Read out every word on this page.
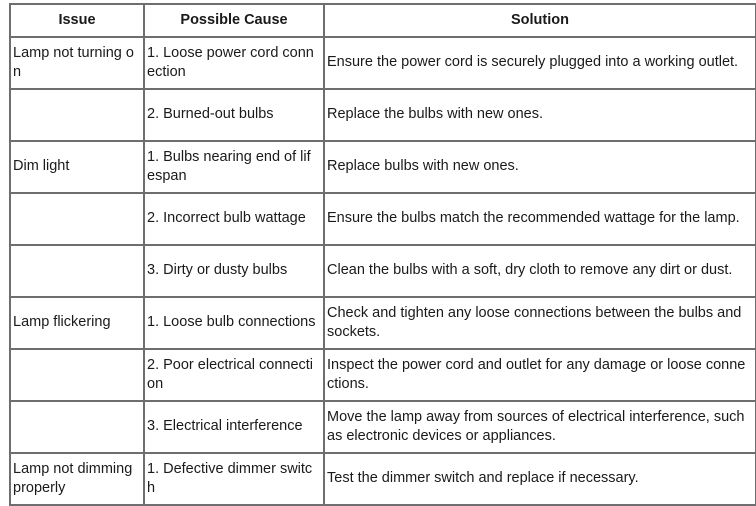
Issue	Possible Cause	Solution
Lamp not turning on	1. Loose power cord connection	Ensure the power cord is securely plugged into a working outlet.
	2. Burned-out bulbs	Replace the bulbs with new ones.
Dim light	1. Bulbs nearing end of lifespan	Replace bulbs with new ones.
	2. Incorrect bulb wattage	Ensure the bulbs match the recommended wattage for the lamp.
	3. Dirty or dusty bulbs	Clean the bulbs with a soft, dry cloth to remove any dirt or dust.
Lamp flickering	1. Loose bulb connections	Check and tighten any loose connections between the bulbs and sockets.
	2. Poor electrical connection	Inspect the power cord and outlet for any damage or loose connections.
	3. Electrical interference	Move the lamp away from sources of electrical interference, such as electronic devices or appliances.
Lamp not dimming properly	1. Defective dimmer switch	Test the dimmer switch and replace if necessary.
